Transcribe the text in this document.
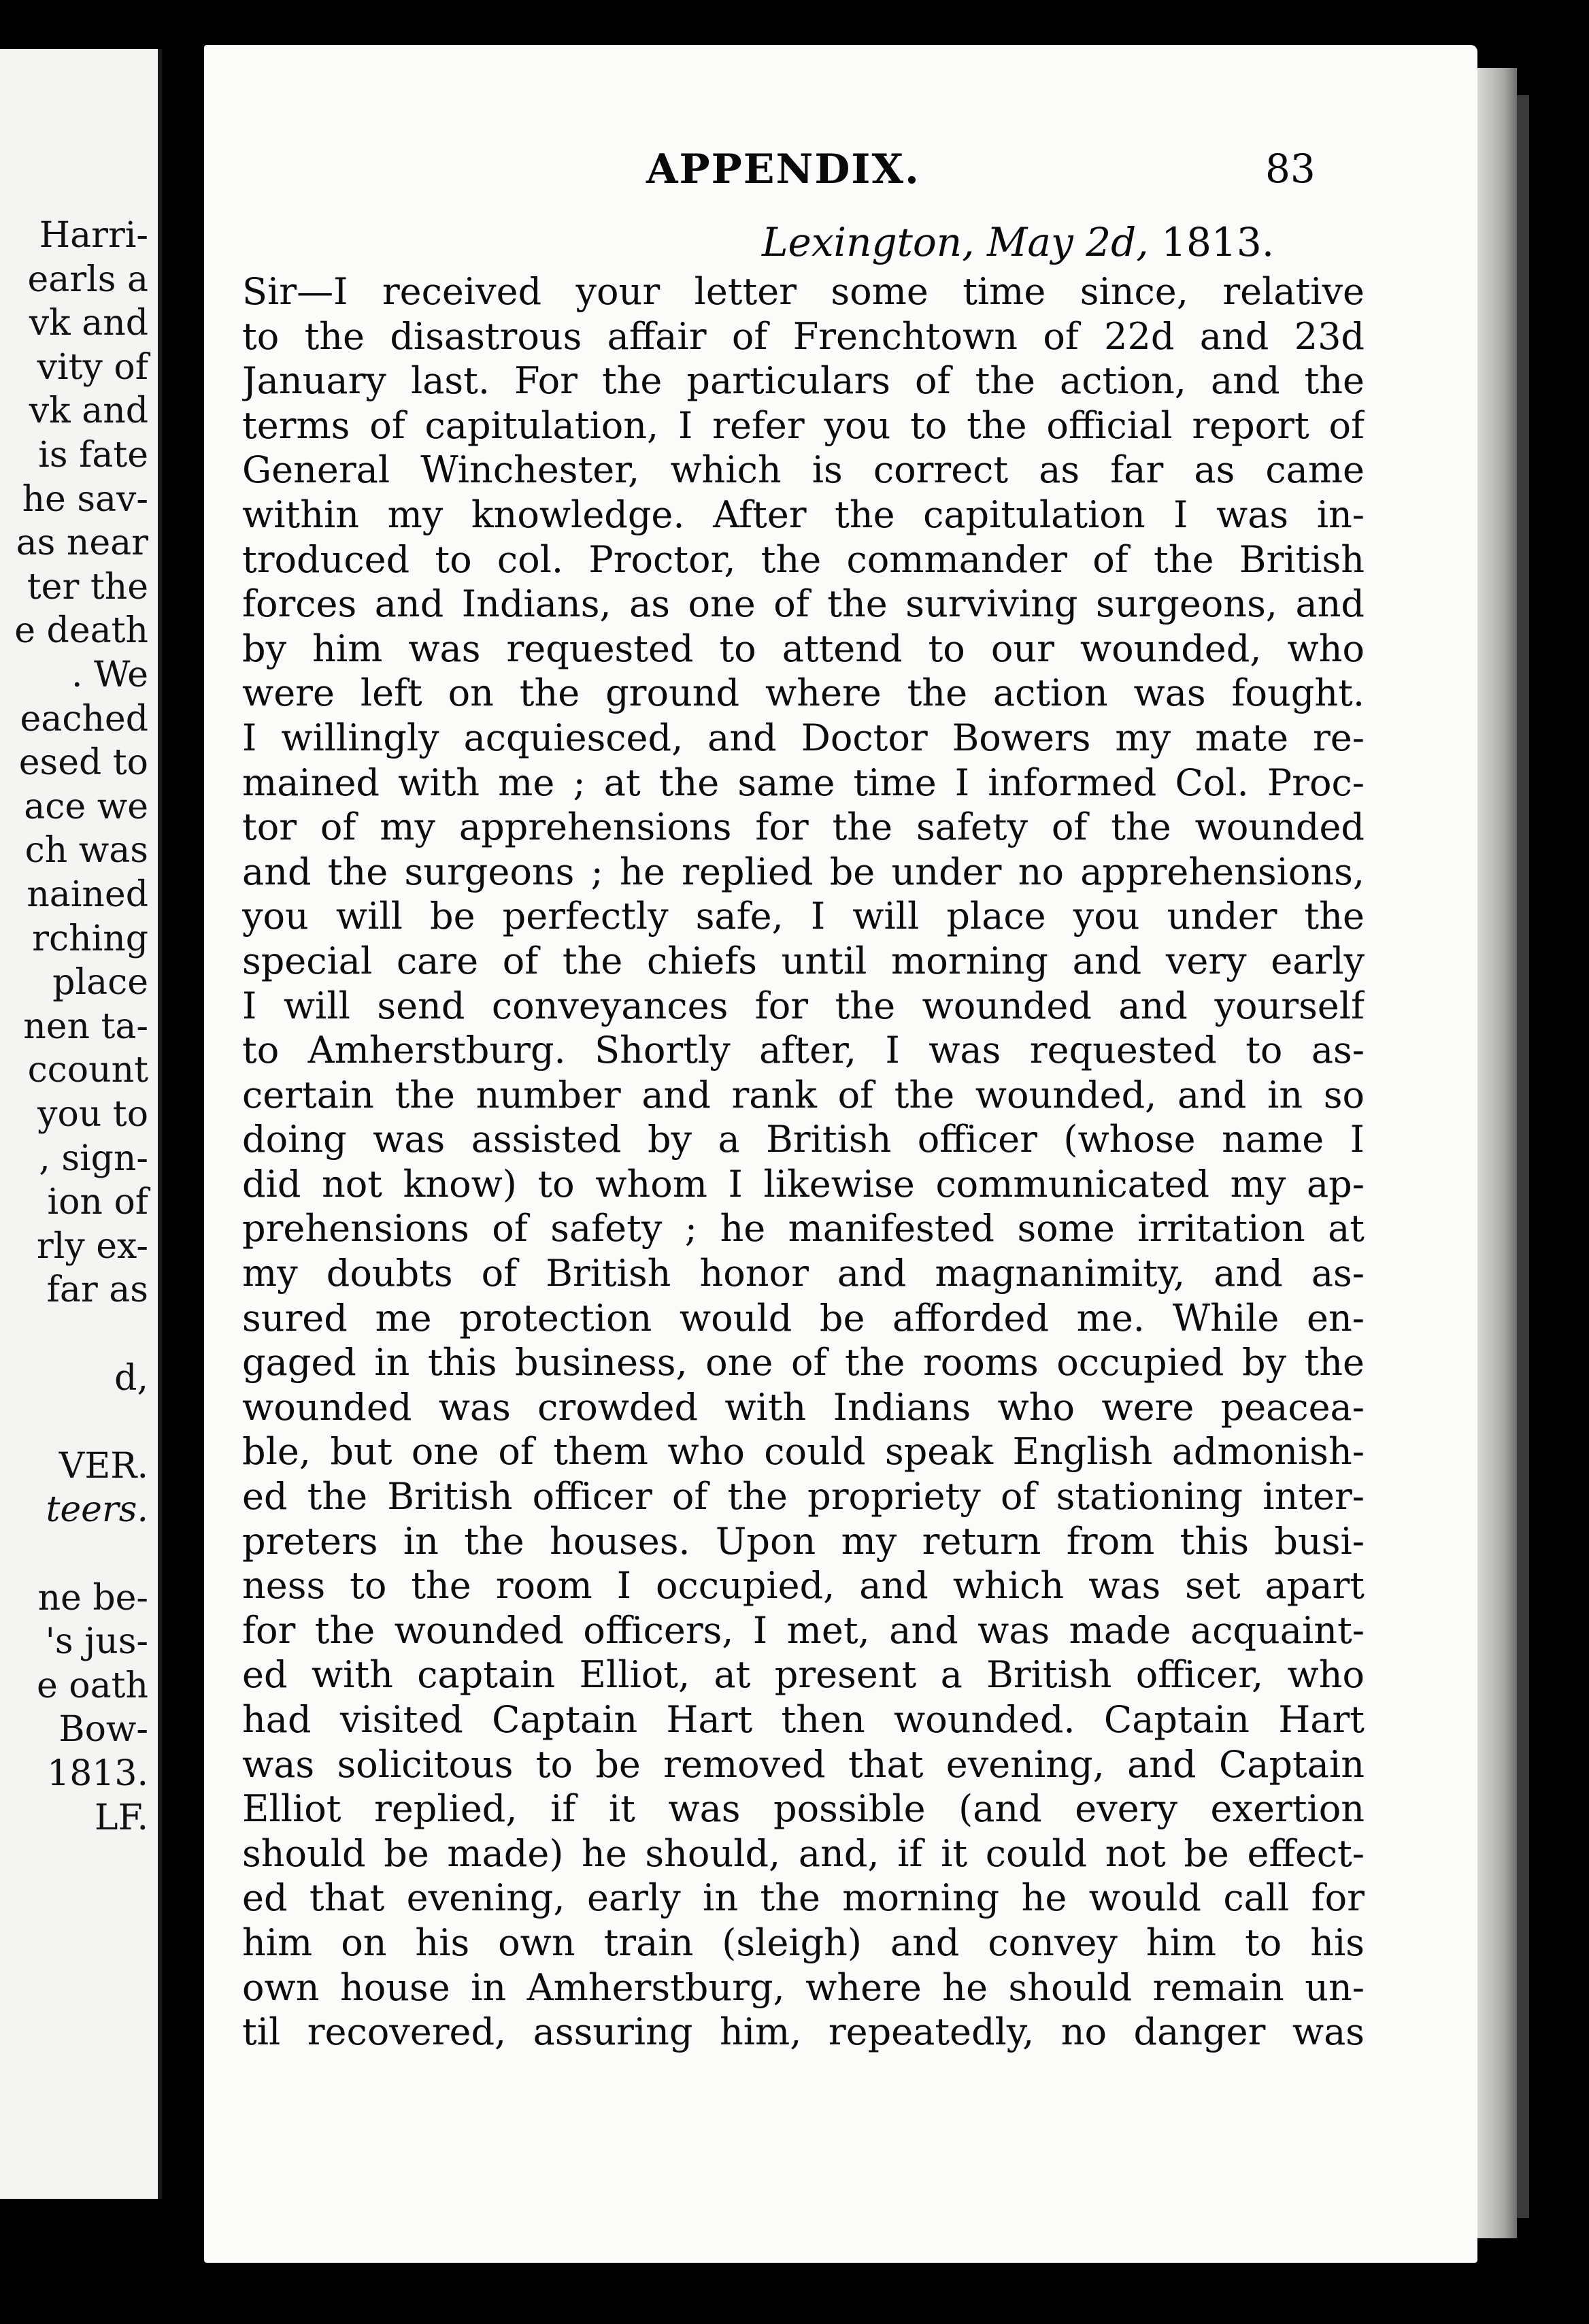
Harri-
earls a
vk and
vity of
vk and
is fate
he sav-
as near
ter the
e death
. We
eached
esed to
ace we
ch was
nained
rching
place
nen ta-
ccount
you to
, sign-
ion of
rly ex-
far as
d,
VER.
teers.
ne be-
's jus-
e oath
Bow-
1813.
LF.
APPENDIX.	83
Lexington, May 2d, 1813.
Sir—I received your letter some time since, relative
to the disastrous affair of Frenchtown of 22d and 23d
January last. For the particulars of the action, and the
terms of capitulation, I refer you to the official report of
General Winchester, which is correct as far as came
within my knowledge. After the capitulation I was in-
troduced to col. Proctor, the commander of the British
forces and Indians, as one of the surviving surgeons, and
by him was requested to attend to our wounded, who
were left on the ground where the action was fought.
I willingly acquiesced, and Doctor Bowers my mate re-
mained with me ; at the same time I informed Col. Proc-
tor of my apprehensions for the safety of the wounded
and the surgeons ; he replied be under no apprehensions,
you will be perfectly safe, I will place you under the
special care of the chiefs until morning and very early
I will send conveyances for the wounded and yourself
to Amherstburg. Shortly after, I was requested to as-
certain the number and rank of the wounded, and in so
doing was assisted by a British officer (whose name I
did not know) to whom I likewise communicated my ap-
prehensions of safety ; he manifested some irritation at
my doubts of British honor and magnanimity, and as-
sured me protection would be afforded me. While en-
gaged in this business, one of the rooms occupied by the
wounded was crowded with Indians who were peacea-
ble, but one of them who could speak English admonish-
ed the British officer of the propriety of stationing inter-
preters in the houses. Upon my return from this busi-
ness to the room I occupied, and which was set apart
for the wounded officers, I met, and was made acquaint-
ed with captain Elliot, at present a British officer, who
had visited Captain Hart then wounded. Captain Hart
was solicitous to be removed that evening, and Captain
Elliot replied, if it was possible (and every exertion
should be made) he should, and, if it could not be effect-
ed that evening, early in the morning he would call for
him on his own train (sleigh) and convey him to his
own house in Amherstburg, where he should remain un-
til recovered, assuring him, repeatedly, no danger was
